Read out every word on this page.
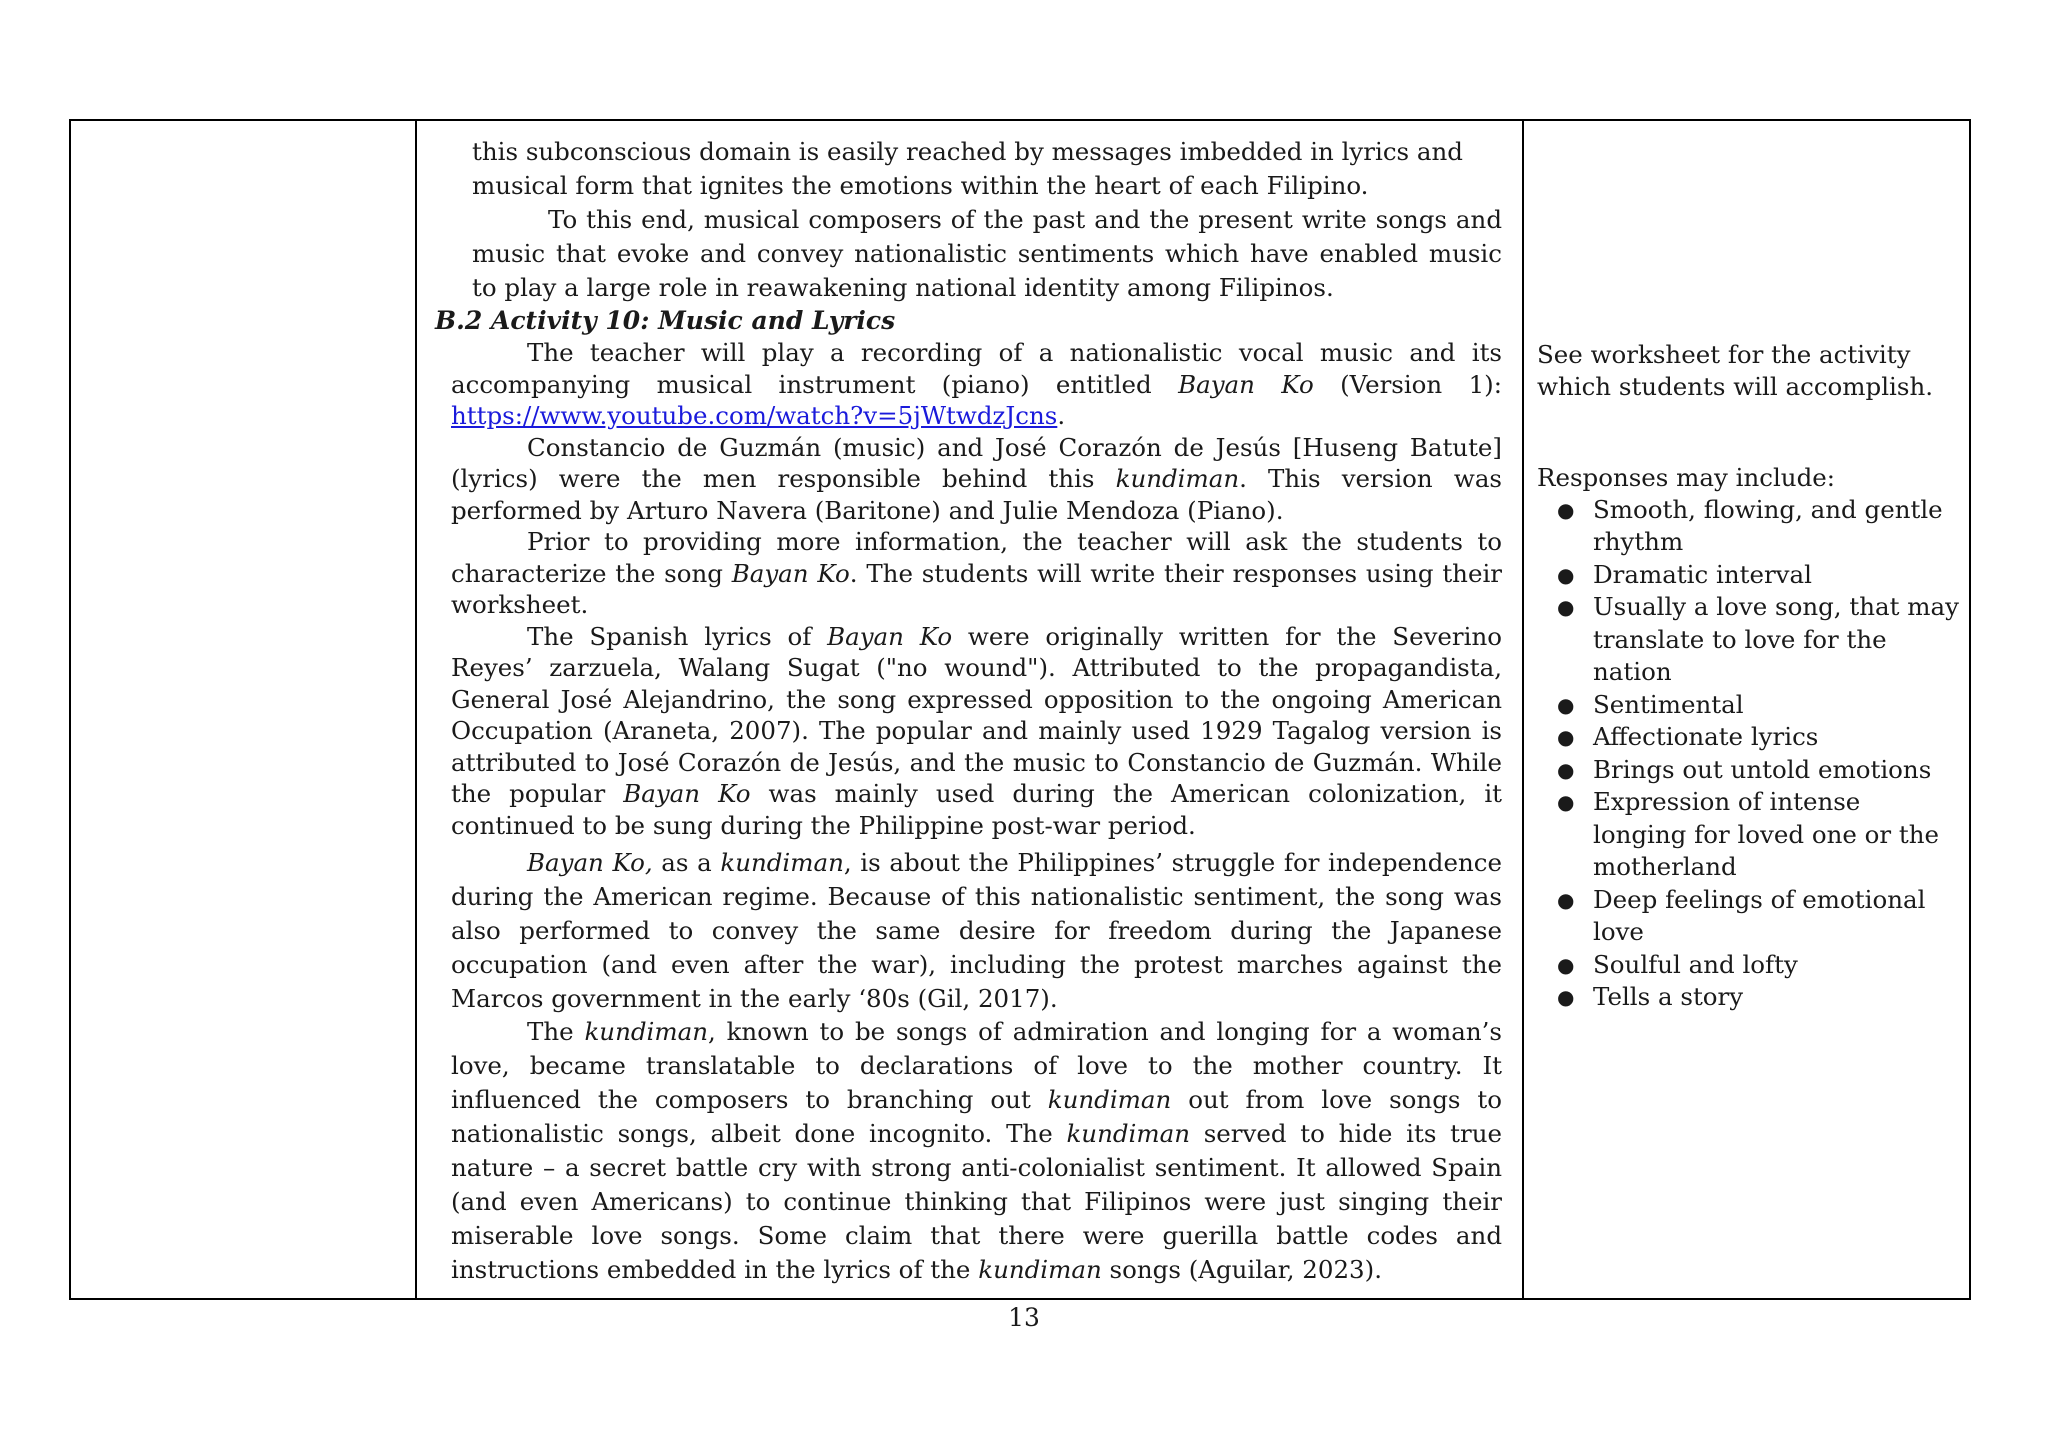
this subconscious domain is easily reached by messages imbedded in lyrics and

musical form that ignites the emotions within the heart of each Filipino.

To this end, musical composers of the past and the present write songs and music that evoke and convey nationalistic sentiments which have enabled music to play a large role in reawakening national identity among Filipinos.

B.2 Activity 10: Music and Lyrics

The teacher will play a recording of a nationalistic vocal music and its accompanying musical instrument (piano) entitled Bayan Ko (Version 1): https://www.youtube.com/watch?v=5jWtwdzJcns.

Constancio de Guzmán (music) and José Corazón de Jesús [Huseng Batute] (lyrics) were the men responsible behind this kundiman. This version was performed by Arturo Navera (Baritone) and Julie Mendoza (Piano).

Prior to providing more information, the teacher will ask the students to characterize the song Bayan Ko. The students will write their responses using their worksheet.

The Spanish lyrics of Bayan Ko were originally written for the Severino Reyes’ zarzuela, Walang Sugat ("no wound"). Attributed to the propagandista, General José Alejandrino, the song expressed opposition to the ongoing American Occupation (Araneta, 2007). The popular and mainly used 1929 Tagalog version is attributed to José Corazón de Jesús, and the music to Constancio de Guzmán. While the popular Bayan Ko was mainly used during the American colonization, it continued to be sung during the Philippine post-war period.

Bayan Ko, as a kundiman, is about the Philippines’ struggle for independence during the American regime. Because of this nationalistic sentiment, the song was also performed to convey the same desire for freedom during the Japanese occupation (and even after the war), including the protest marches against the Marcos government in the early ‘80s (Gil, 2017).

The kundiman, known to be songs of admiration and longing for a woman’s love, became translatable to declarations of love to the mother country. It influenced the composers to branching out kundiman out from love songs to nationalistic songs, albeit done incognito. The kundiman served to hide its true nature – a secret battle cry with strong anti-colonialist sentiment. It allowed Spain (and even Americans) to continue thinking that Filipinos were just singing their miserable love songs. Some claim that there were guerilla battle codes and instructions embedded in the lyrics of the kundiman songs (Aguilar, 2023).

See worksheet for the activity which students will accomplish.

Responses may include:

● Smooth, flowing, and gentle rhythm
● Dramatic interval
● Usually a love song, that may translate to love for the nation
● Sentimental
● Affectionate lyrics
● Brings out untold emotions
● Expression of intense longing for loved one or the motherland
● Deep feelings of emotional love
● Soulful and lofty
● Tells a story
13
